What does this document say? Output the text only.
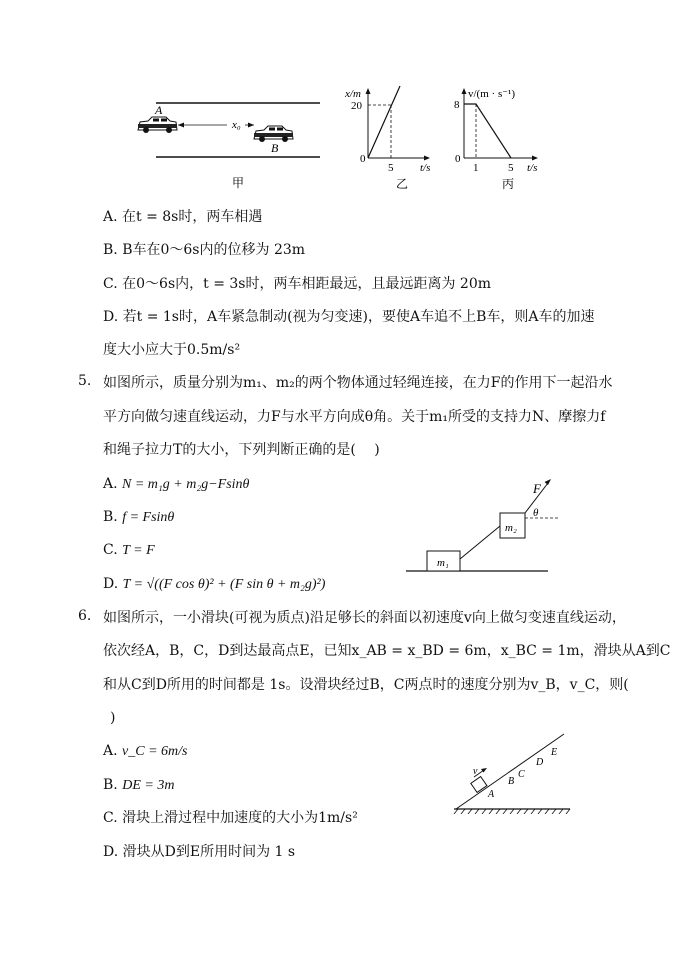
x₀
A
B
甲
x/m
20
0
5 t/s
乙
v/(m · s⁻¹)
8
0
1	5 t/s
丙
A. 在t = 8s时，两车相遇
B. B车在0～6s内的位移为 23m
C. 在0～6s内，t = 3s时，两车相距最远，且最远距离为 20m
D. 若t = 1s时，A车紧急制动(视为匀变速)，要使A车追不上B车，则A车的加速
度大小应大于0.5m/s²
5. 如图所示，质量分别为m₁、m₂的两个物体通过轻绳连接，在力F的作用下一起沿水
平方向做匀速直线运动，力F与水平方向成θ角。关于m₁所受的支持力N、摩擦力f
和绳子拉力T的大小，下列判断正确的是(　 )
A. N = m₁g + m₂g−Fsinθ
B. f = Fsinθ
C. T = F
D. T = √((F cos θ)² + (F sin θ + m₂g)²)
F
θ
m₁
m₂
6. 如图所示，一小滑块(可视为质点)沿足够长的斜面以初速度v向上做匀变速直线运动，
依次经A，B，C，D到达最高点E，已知x_AB = x_BD = 6m，x_BC = 1m，滑块从A到C
和从C到D所用的时间都是 1s。设滑块经过B，C两点时的速度分别为v_B，v_C，则(
)
A. v_C = 6m/s
B. DE = 3m
C. 滑块上滑过程中加速度的大小为1m/s²
D. 滑块从D到E所用时间为 1 s
v
A
B
C
D
E
